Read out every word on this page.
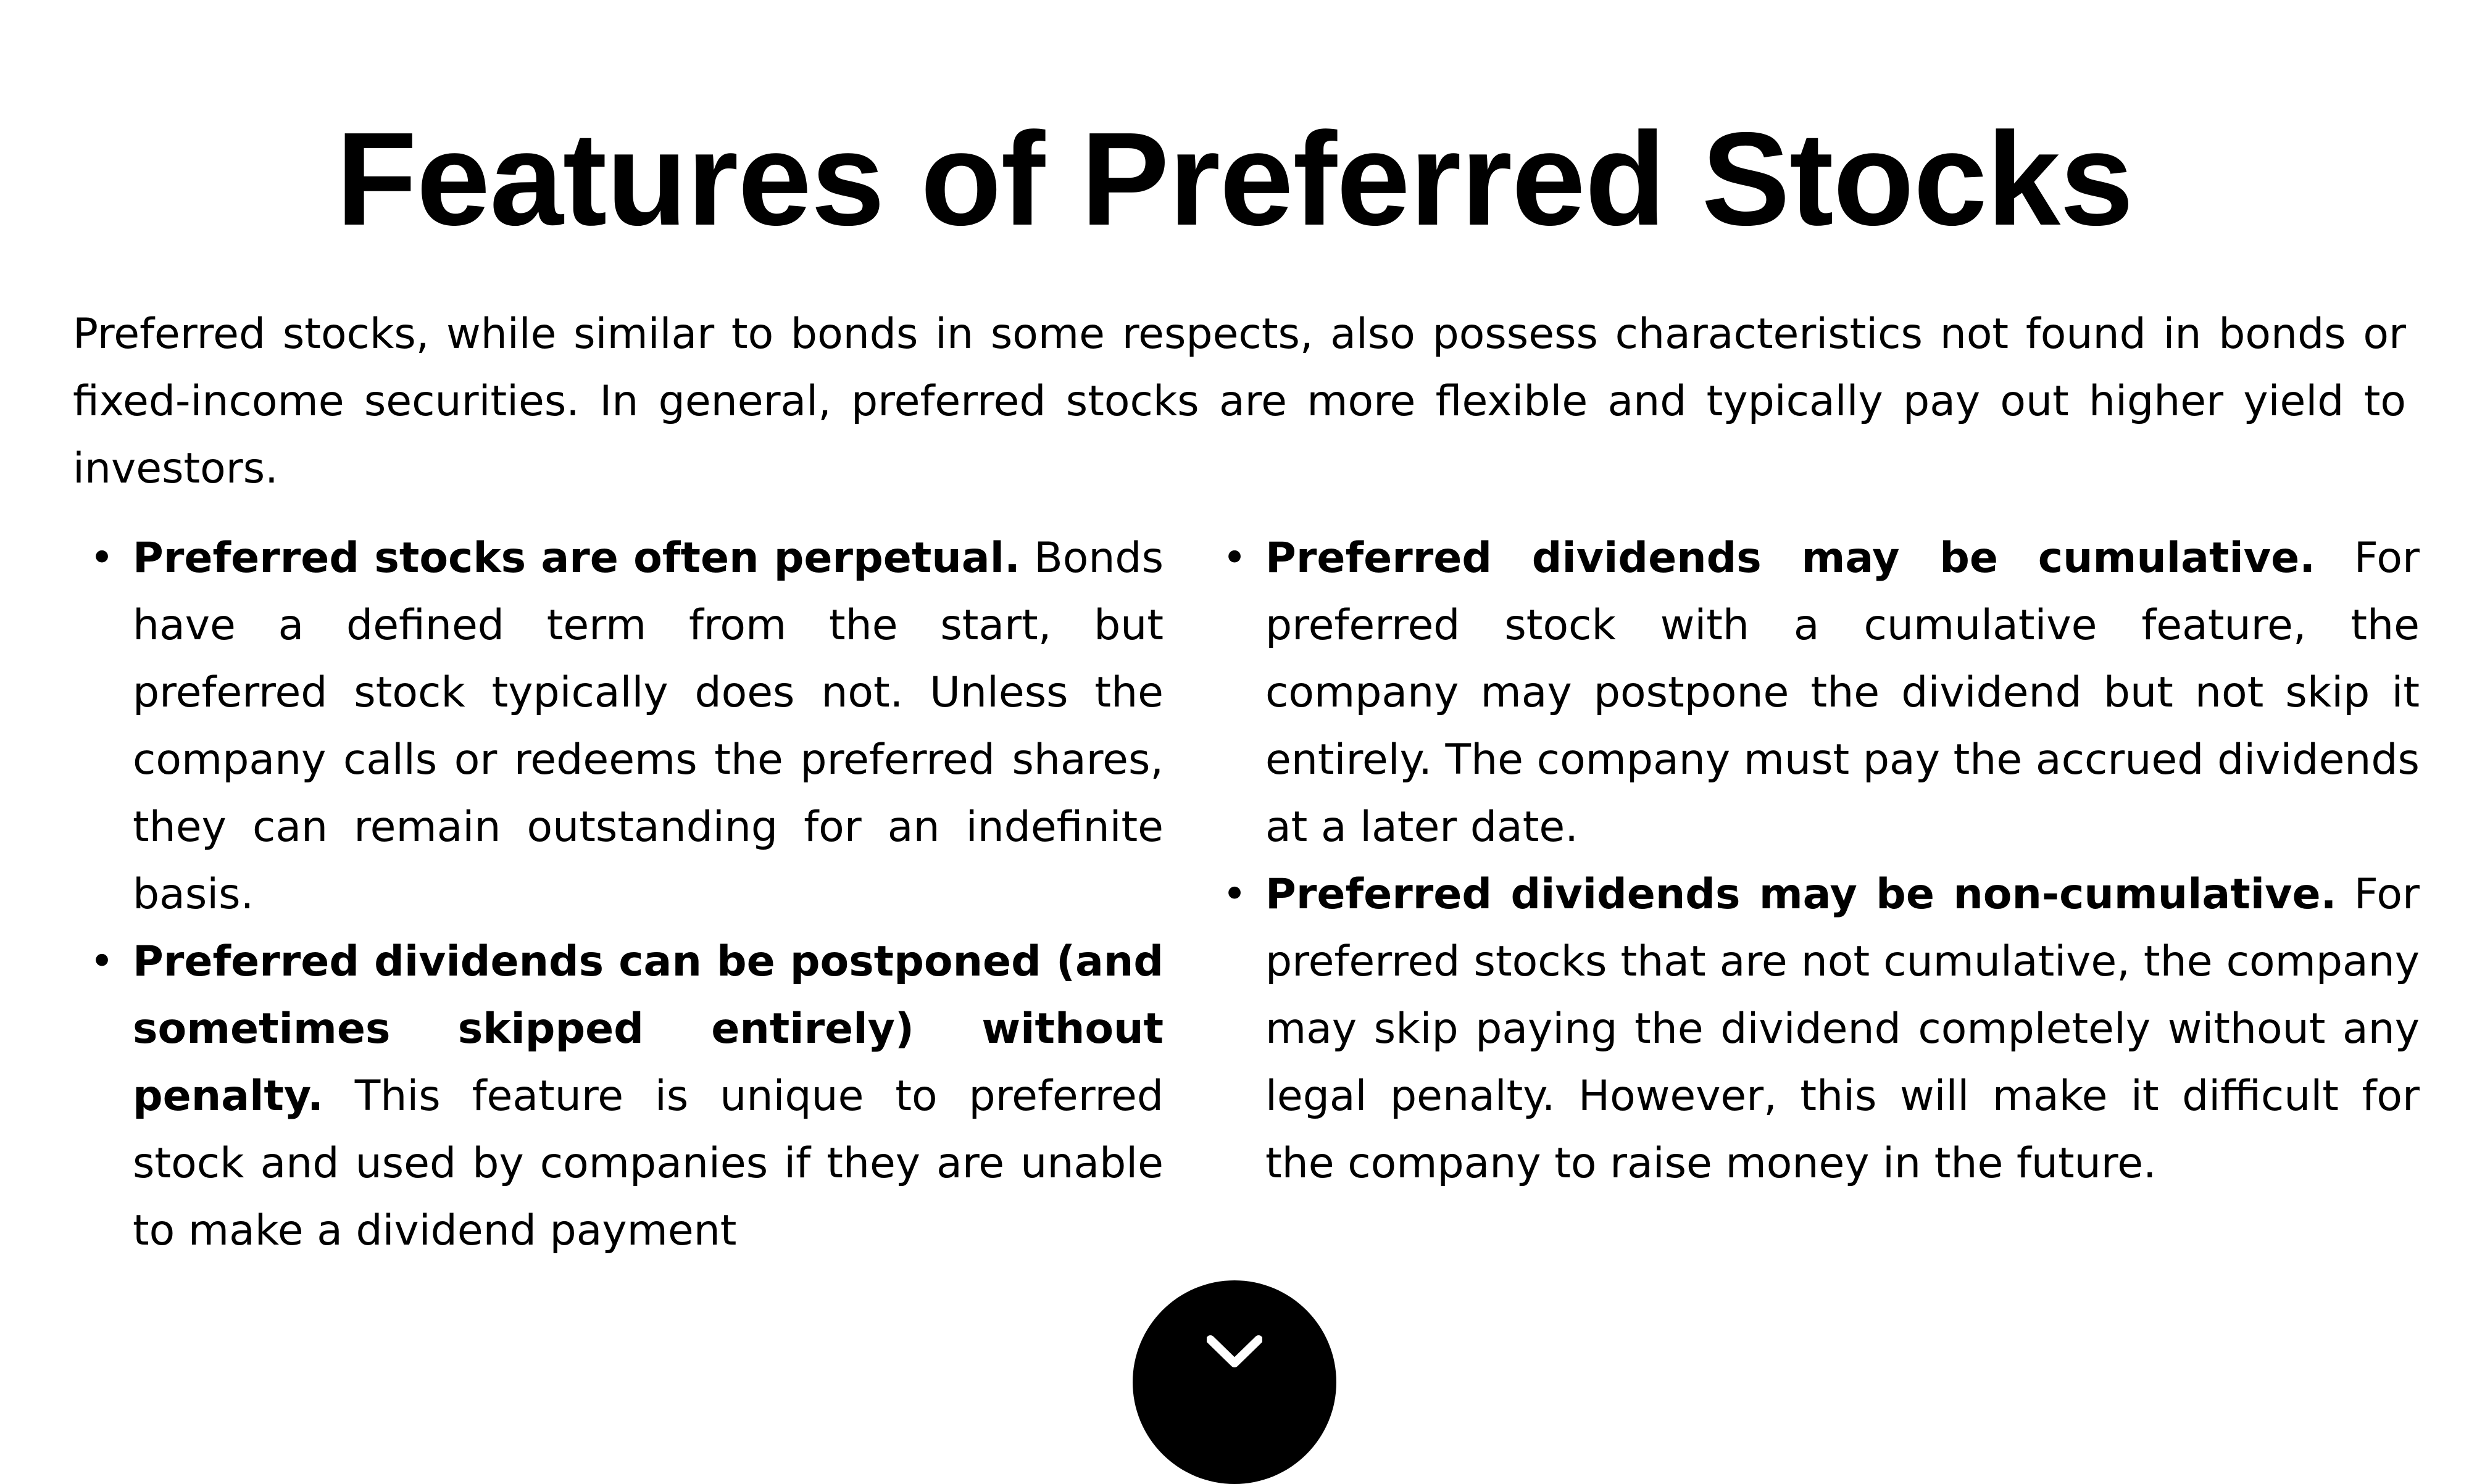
Features of Preferred Stocks

Preferred stocks, while similar to bonds in some respects, also possess characteristics not found in bonds or fixed-income securities. In general, preferred stocks are more flexible and typically pay out higher yield to investors.

• Preferred stocks are often perpetual. Bonds have a defined term from the start, but preferred stock typically does not. Unless the company calls or redeems the preferred shares, they can remain outstanding for an indefinite basis.
• Preferred dividends can be postponed (and sometimes skipped entirely) without penalty. This feature is unique to preferred stock and used by companies if they are unable to make a dividend payment
• Preferred dividends may be cumulative. For preferred stock with a cumulative feature, the company may postpone the dividend but not skip it entirely. The company must pay the accrued dividends at a later date.
• Preferred dividends may be non-cumulative. For preferred stocks that are not cumulative, the company may skip paying the dividend completely without any legal penalty. However, this will make it difficult for the company to raise money in the future.
